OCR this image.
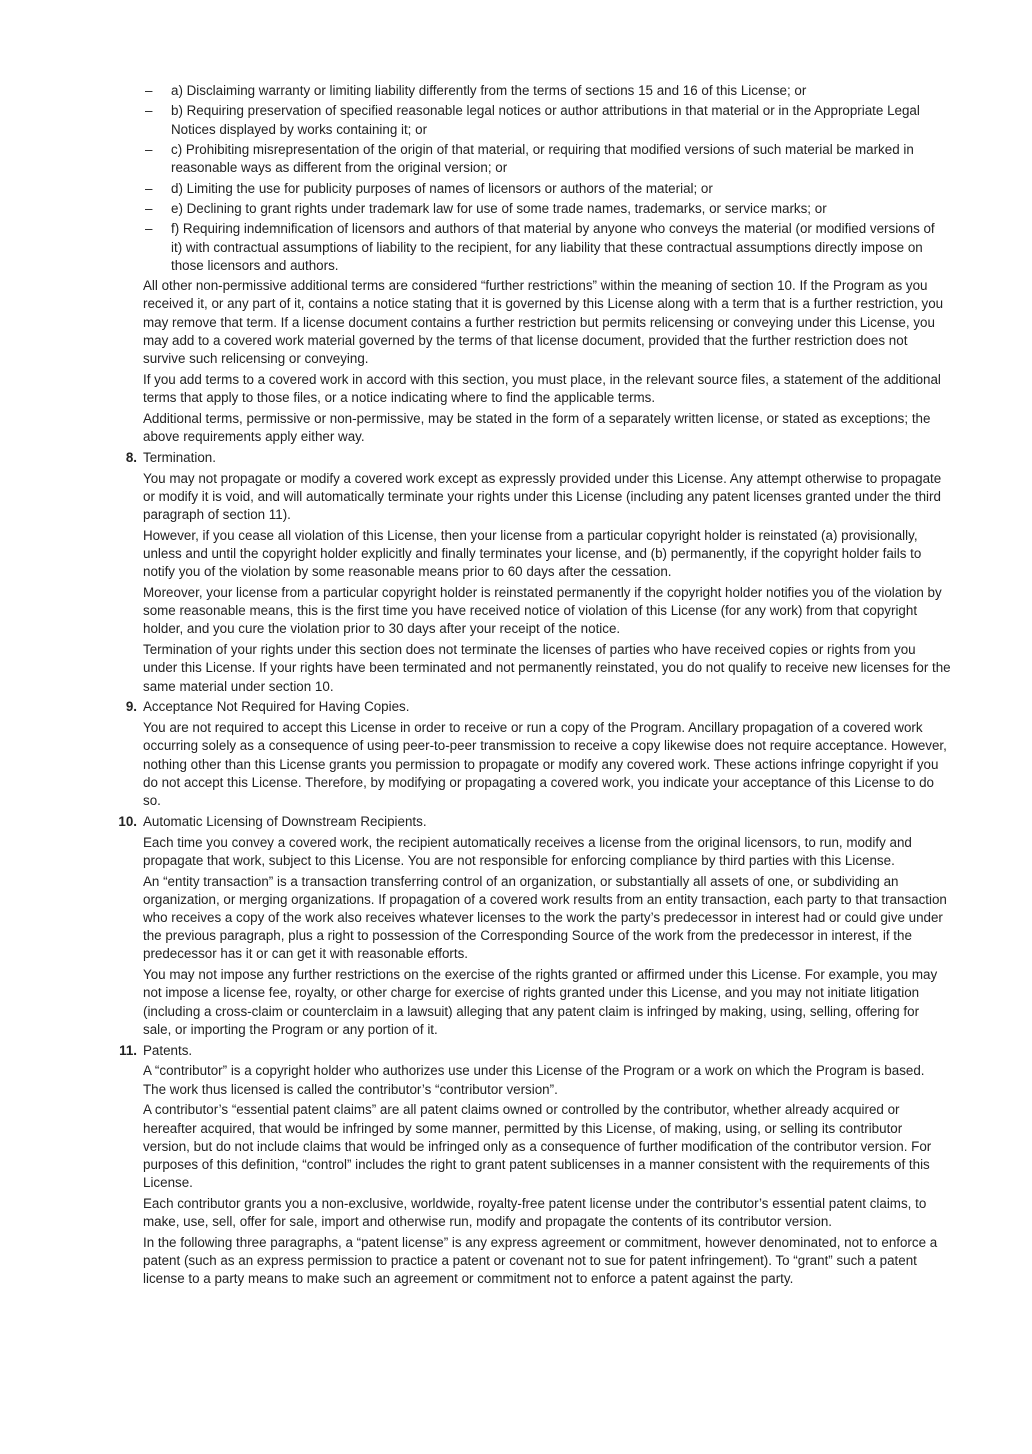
– a) Disclaiming warranty or limiting liability differently from the terms of sections 15 and 16 of this License; or
– b) Requiring preservation of specified reasonable legal notices or author attributions in that material or in the Appropriate Legal Notices displayed by works containing it; or
– c) Prohibiting misrepresentation of the origin of that material, or requiring that modified versions of such material be marked in reasonable ways as different from the original version; or
– d) Limiting the use for publicity purposes of names of licensors or authors of the material; or
– e) Declining to grant rights under trademark law for use of some trade names, trademarks, or service marks; or
– f) Requiring indemnification of licensors and authors of that material by anyone who conveys the material (or modified versions of it) with contractual assumptions of liability to the recipient, for any liability that these contractual assumptions directly impose on those licensors and authors.

All other non-permissive additional terms are considered “further restrictions” within the meaning of section 10. If the Program as you received it, or any part of it, contains a notice stating that it is governed by this License along with a term that is a further restriction, you may remove that term. If a license document contains a further restriction but permits relicensing or conveying under this License, you may add to a covered work material governed by the terms of that license document, provided that the further restriction does not survive such relicensing or conveying.

If you add terms to a covered work in accord with this section, you must place, in the relevant source files, a statement of the additional terms that apply to those files, or a notice indicating where to find the applicable terms.

Additional terms, permissive or non-permissive, may be stated in the form of a separately written license, or stated as exceptions; the above requirements apply either way.

8. Termination.

You may not propagate or modify a covered work except as expressly provided under this License. Any attempt otherwise to propagate or modify it is void, and will automatically terminate your rights under this License (including any patent licenses granted under the third paragraph of section 11).

However, if you cease all violation of this License, then your license from a particular copyright holder is reinstated (a) provisionally, unless and until the copyright holder explicitly and finally terminates your license, and (b) permanently, if the copyright holder fails to notify you of the violation by some reasonable means prior to 60 days after the cessation.

Moreover, your license from a particular copyright holder is reinstated permanently if the copyright holder notifies you of the violation by some reasonable means, this is the first time you have received notice of violation of this License (for any work) from that copyright holder, and you cure the violation prior to 30 days after your receipt of the notice.

Termination of your rights under this section does not terminate the licenses of parties who have received copies or rights from you under this License. If your rights have been terminated and not permanently reinstated, you do not qualify to receive new licenses for the same material under section 10.

9. Acceptance Not Required for Having Copies.

You are not required to accept this License in order to receive or run a copy of the Program. Ancillary propagation of a covered work occurring solely as a consequence of using peer-to-peer transmission to receive a copy likewise does not require acceptance. However, nothing other than this License grants you permission to propagate or modify any covered work. These actions infringe copyright if you do not accept this License. Therefore, by modifying or propagating a covered work, you indicate your acceptance of this License to do so.

10. Automatic Licensing of Downstream Recipients.

Each time you convey a covered work, the recipient automatically receives a license from the original licensors, to run, modify and propagate that work, subject to this License. You are not responsible for enforcing compliance by third parties with this License.

An “entity transaction” is a transaction transferring control of an organization, or substantially all assets of one, or subdividing an organization, or merging organizations. If propagation of a covered work results from an entity transaction, each party to that transaction who receives a copy of the work also receives whatever licenses to the work the party’s predecessor in interest had or could give under the previous paragraph, plus a right to possession of the Corresponding Source of the work from the predecessor in interest, if the predecessor has it or can get it with reasonable efforts.

You may not impose any further restrictions on the exercise of the rights granted or affirmed under this License. For example, you may not impose a license fee, royalty, or other charge for exercise of rights granted under this License, and you may not initiate litigation (including a cross-claim or counterclaim in a lawsuit) alleging that any patent claim is infringed by making, using, selling, offering for sale, or importing the Program or any portion of it.

11. Patents.

A “contributor” is a copyright holder who authorizes use under this License of the Program or a work on which the Program is based. The work thus licensed is called the contributor’s “contributor version”.

A contributor’s “essential patent claims” are all patent claims owned or controlled by the contributor, whether already acquired or hereafter acquired, that would be infringed by some manner, permitted by this License, of making, using, or selling its contributor version, but do not include claims that would be infringed only as a consequence of further modification of the contributor version. For purposes of this definition, “control” includes the right to grant patent sublicenses in a manner consistent with the requirements of this License.

Each contributor grants you a non-exclusive, worldwide, royalty-free patent license under the contributor’s essential patent claims, to make, use, sell, offer for sale, import and otherwise run, modify and propagate the contents of its contributor version.

In the following three paragraphs, a “patent license” is any express agreement or commitment, however denominated, not to enforce a patent (such as an express permission to practice a patent or covenant not to sue for patent infringement). To “grant” such a patent license to a party means to make such an agreement or commitment not to enforce a patent against the party.
